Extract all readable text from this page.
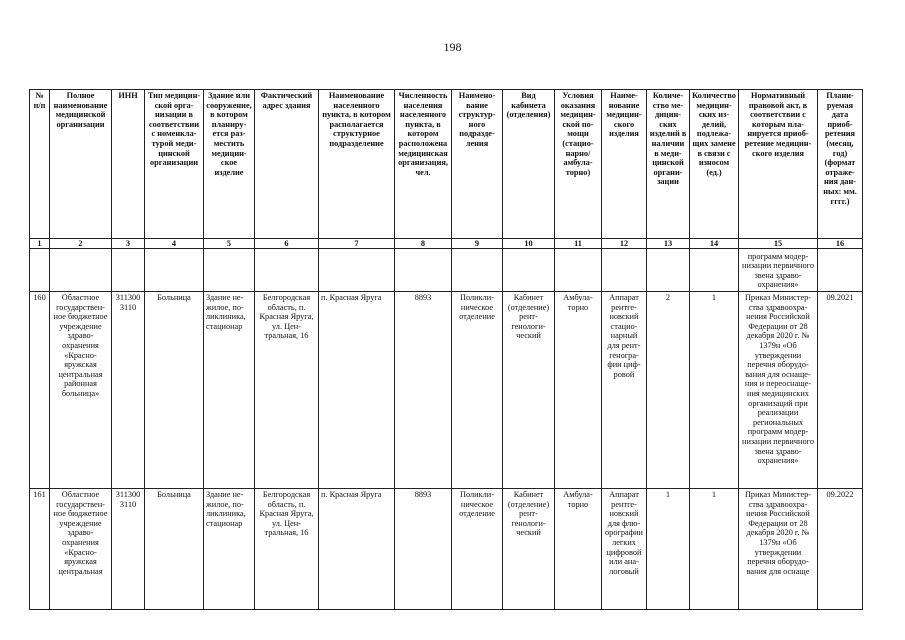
198
№ п/п	Полное наименование медицинской организации	ИНН	Тип медицинской организации в соответствии с номенклатурой медицинской организации	Здание или сооружение, в котором планируется разместить медицинское изделие	Фактический адрес здания	Наименование населенного пункта, в котором располагается структурное подразделение	Численность населения населенного пункта, в котором расположена медицинская организация, чел.	Наименование структурного подразделения	Вид кабинета (отделения)	Условия оказания медицинской помощи (стационарно/ амбулаторно)	Наименование медицинского изделия	Количество медицинских изделий в наличии в медицинской организации	Количество медицинских изделий, подлежащих замене в связи с износом (ед.)	Нормативный правовой акт, в соответствии с которым планируется приобретение медицинского изделия	Планируемая дата приобретения (месяц, год) (формат отражения данных: мм. гггг.)
1	2	3	4	5	6	7	8	9	10	11	12	13	14	15	16
														программ модернизации первичного звена здравоохранения»	
160	Областное государственное бюджетное учреждение здравоохранения «Краснояружская центральная районная больница»	311300 3110	Больница	Здание нежилое, поликлиника, стационар	Белгородская область, п. Красная Яруга, ул. Центральная, 16	п. Красная Яруга	8893	Поликлиническое отделение	Кабинет (отделение) рентгенологический	Амбулаторно	Аппарат рентгеновский стационарный для рентгенографии цифровой	2	1	Приказ Министерства здравоохранения Российской Федерации от 28 декабря 2020 г. № 1379н «Об утверждении перечня оборудования для оснащения и переоснащения медицинских организаций при реализации региональных программ модернизации первичного звена здравоохранения»	09.2021
161	Областное государственное бюджетное учреждение здравоохранения «Краснояружская центральная	311300 3110	Больница	Здание нежилое, поликлиника, стационар	Белгородская область, п. Красная Яруга, ул. Центральная, 16	п. Красная Яруга	8893	Поликлиническое отделение	Кабинет (отделение) рентгенологический	Амбулаторно	Аппарат рентгеновский для флюорографии легких цифровой или аналоговый	1	1	Приказ Министерства здравоохранения Российской Федерации от 28 декабря 2020 г. № 1379н «Об утверждении перечня оборудования для оснаще	09.2022
